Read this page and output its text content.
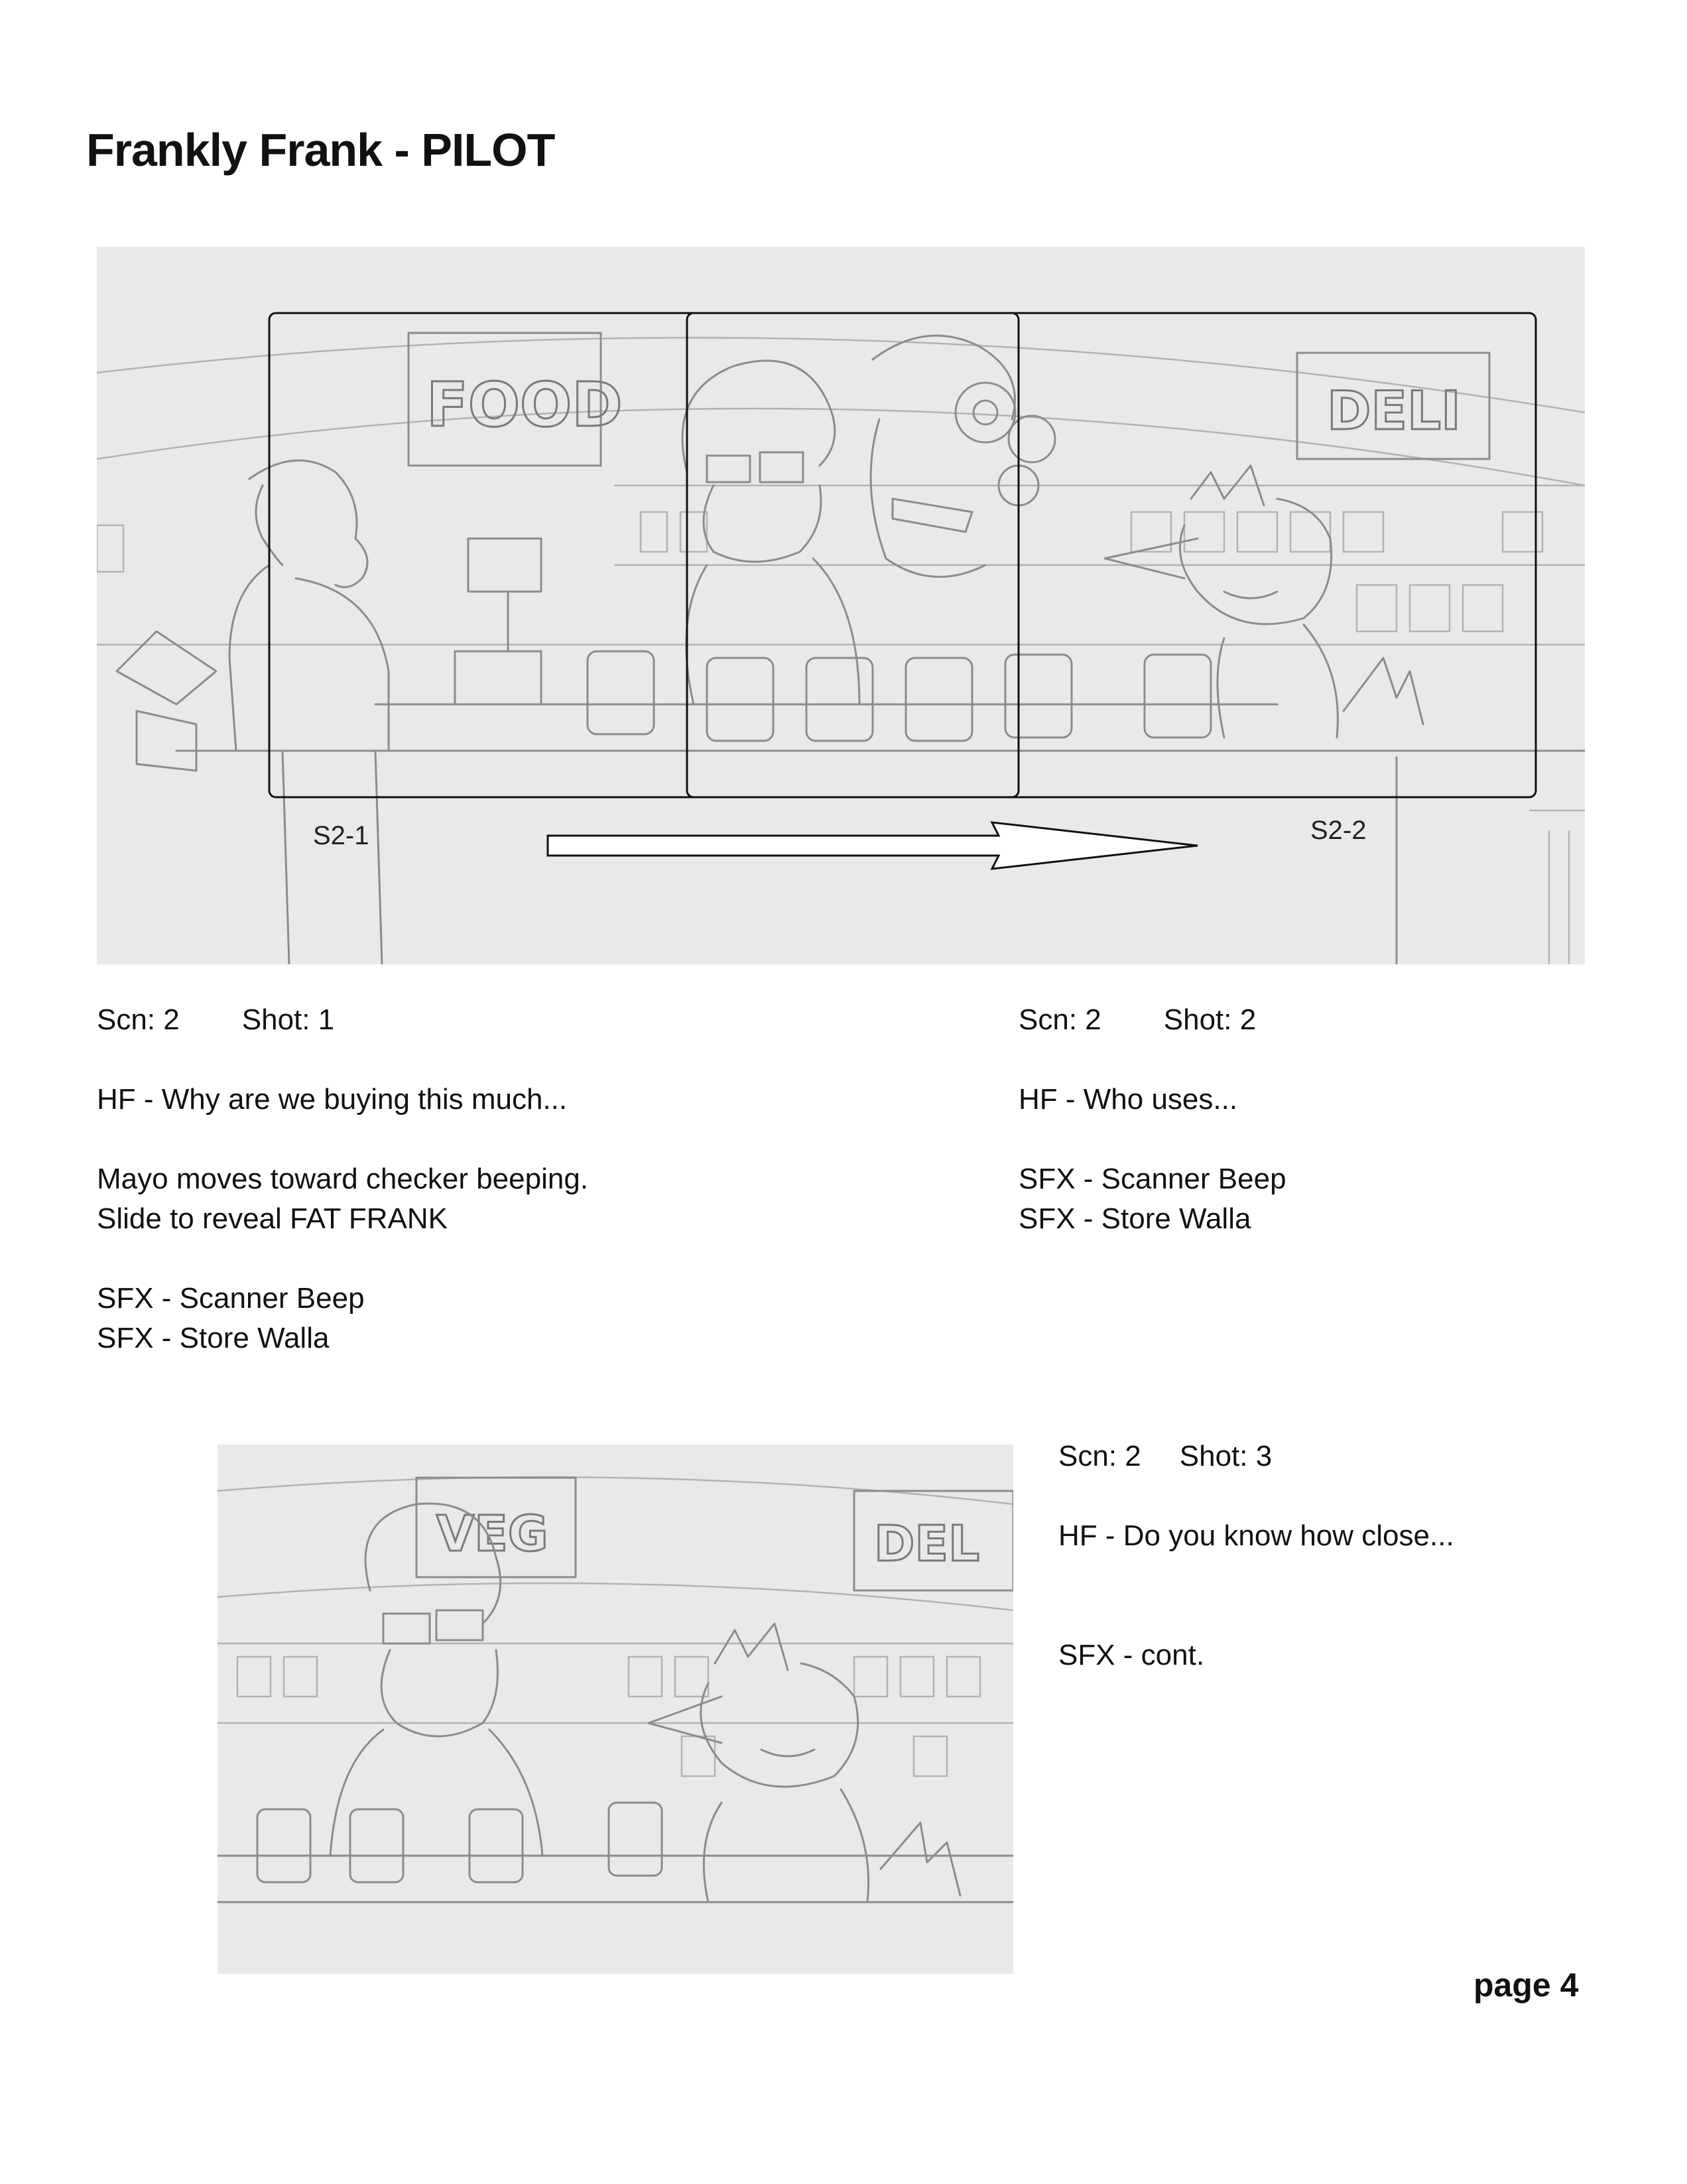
Frankly Frank - PILOT
FOOD	DELI
S2-1	S2-2
Scn: 2 Shot: 1
HF - Why are we buying this much...
Mayo moves toward checker beeping.
Slide to reveal FAT FRANK
SFX - Scanner Beep
SFX - Store Walla
Scn: 2 Shot: 2
HF - Who uses...
SFX - Scanner Beep
SFX - Store Walla
VEG	DEL
Scn: 2 Shot: 3
HF - Do you know how close...
SFX - cont.
page 4
